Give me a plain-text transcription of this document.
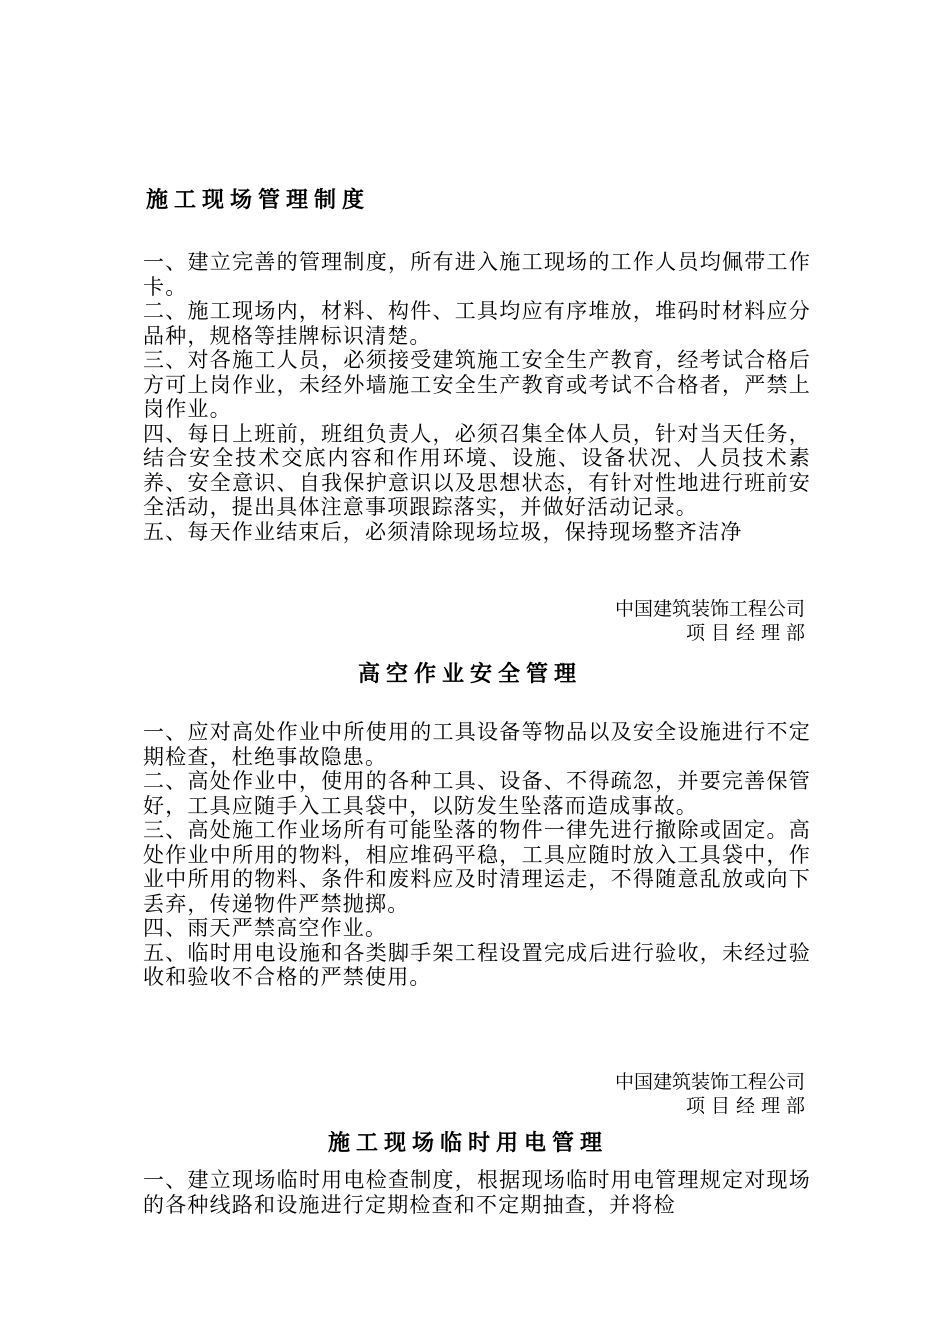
施工现场管理制度

一、建立完善的管理制度，所有进入施工现场的工作人员均佩带工作卡。

二、施工现场内，材料、构件、工具均应有序堆放，堆码时材料应分品种，规格等挂牌标识清楚。

三、对各施工人员，必须接受建筑施工安全生产教育，经考试合格后方可上岗作业，未经外墙施工安全生产教育或考试不合格者，严禁上岗作业。

四、每日上班前，班组负责人，必须召集全体人员，针对当天任务，结合安全技术交底内容和作用环境、设施、设备状况、人员技术素养、安全意识、自我保护意识以及思想状态，有针对性地进行班前安全活动，提出具体注意事项跟踪落实，并做好活动记录。

五、每天作业结束后，必须清除现场垃圾，保持现场整齐洁净

中国建筑装饰工程公司
项目经理部
高空作业安全管理

一、应对高处作业中所使用的工具设备等物品以及安全设施进行不定期检查，杜绝事故隐患。

二、高处作业中，使用的各种工具、设备、不得疏忽，并要完善保管好，工具应随手入工具袋中，以防发生坠落而造成事故。

三、高处施工作业场所有可能坠落的物件一律先进行撤除或固定。高处作业中所用的物料，相应堆码平稳，工具应随时放入工具袋中，作业中所用的物料、条件和废料应及时清理运走，不得随意乱放或向下丢弃，传递物件严禁抛掷。

四、雨天严禁高空作业。

五、临时用电设施和各类脚手架工程设置完成后进行验收，未经过验收和验收不合格的严禁使用。

中国建筑装饰工程公司
项目经理部
施工现场临时用电管理

一、建立现场临时用电检查制度，根据现场临时用电管理规定对现场的各种线路和设施进行定期检查和不定期抽查，并将检
